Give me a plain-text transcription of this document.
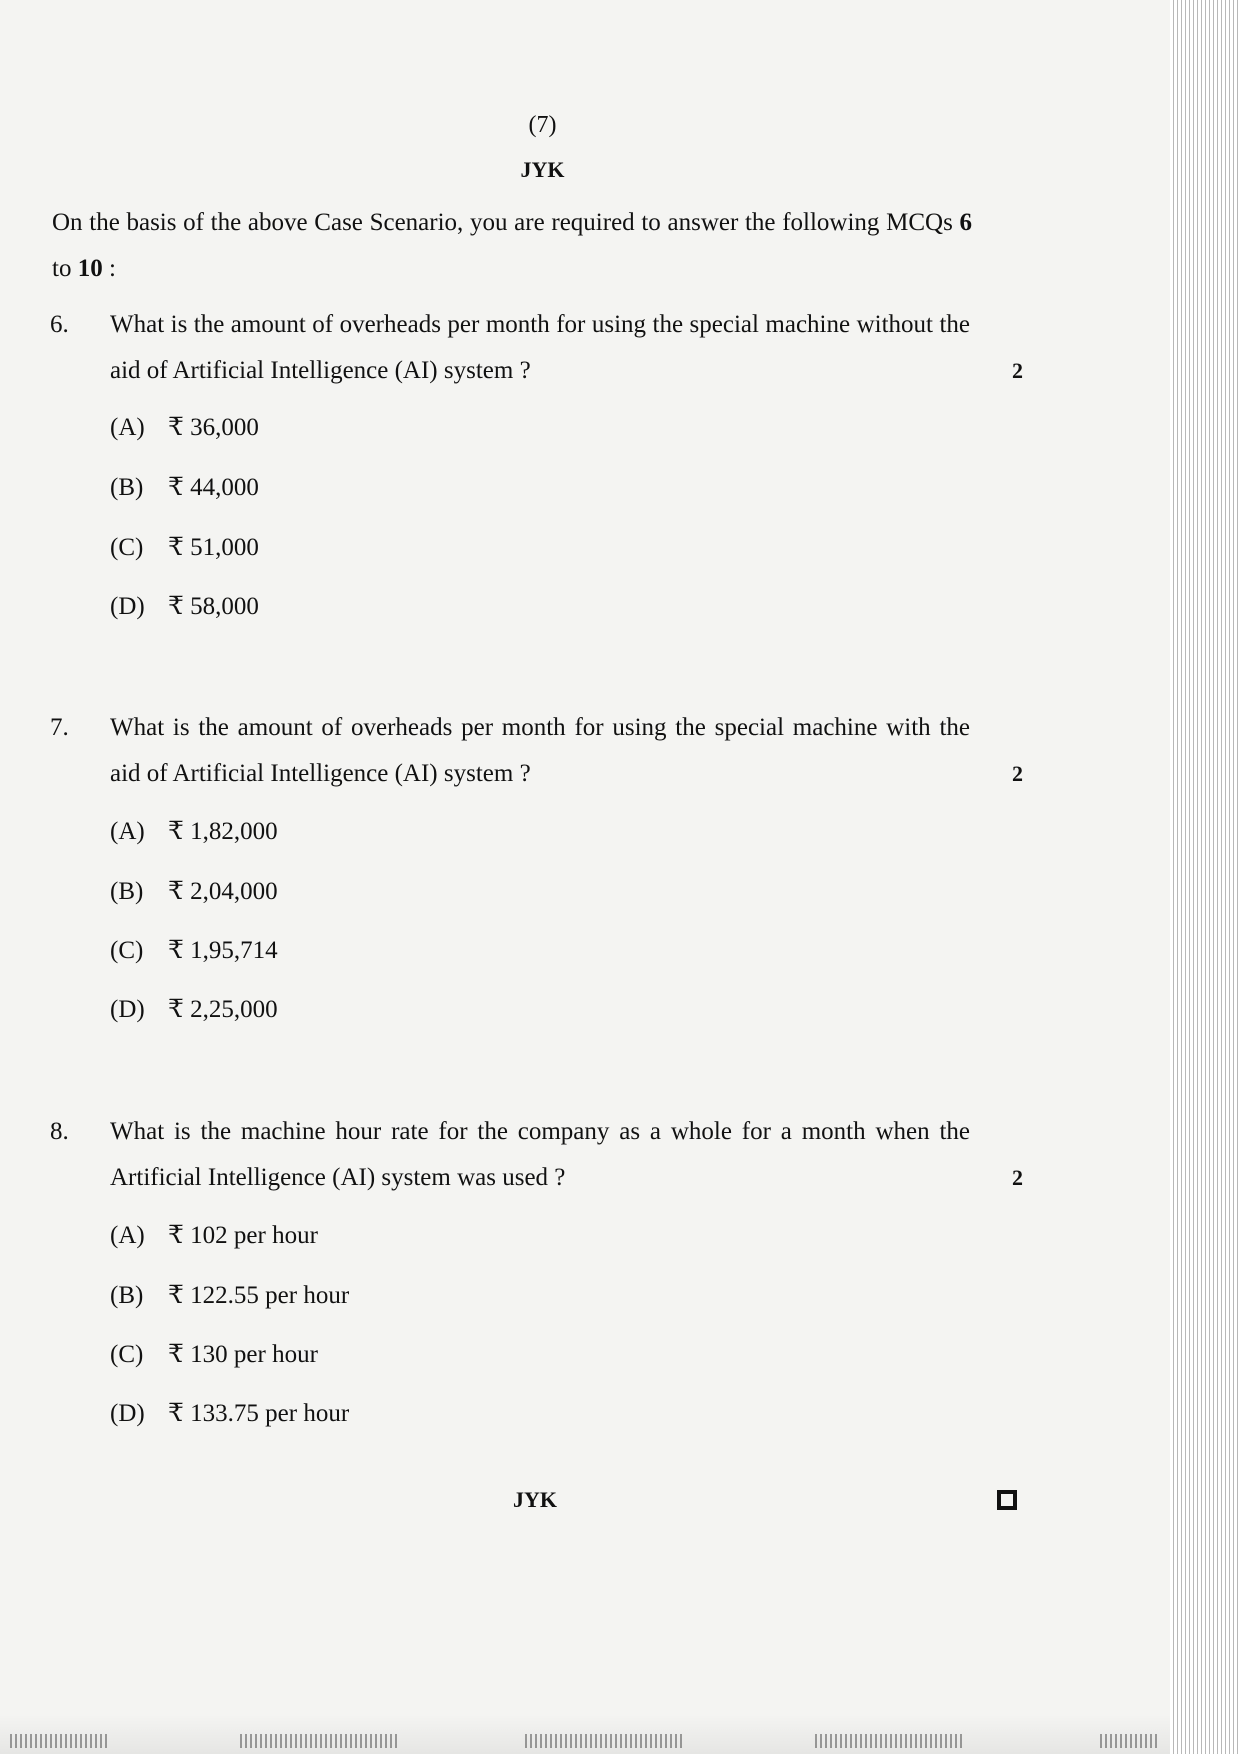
(7)
JYK
On the basis of the above Case Scenario, you are required to answer the following MCQs 6 to 10 :
6. What is the amount of overheads per month for using the special machine without the aid of Artificial Intelligence (AI) system ?	2
(A) ₹ 36,000
(B) ₹ 44,000
(C) ₹ 51,000
(D) ₹ 58,000
7. What is the amount of overheads per month for using the special machine with the aid of Artificial Intelligence (AI) system ?	2
(A) ₹ 1,82,000
(B) ₹ 2,04,000
(C) ₹ 1,95,714
(D) ₹ 2,25,000
8. What is the machine hour rate for the company as a whole for a month when the Artificial Intelligence (AI) system was used ?	2
(A) ₹ 102 per hour
(B) ₹ 122.55 per hour
(C) ₹ 130 per hour
(D) ₹ 133.75 per hour
JYK
